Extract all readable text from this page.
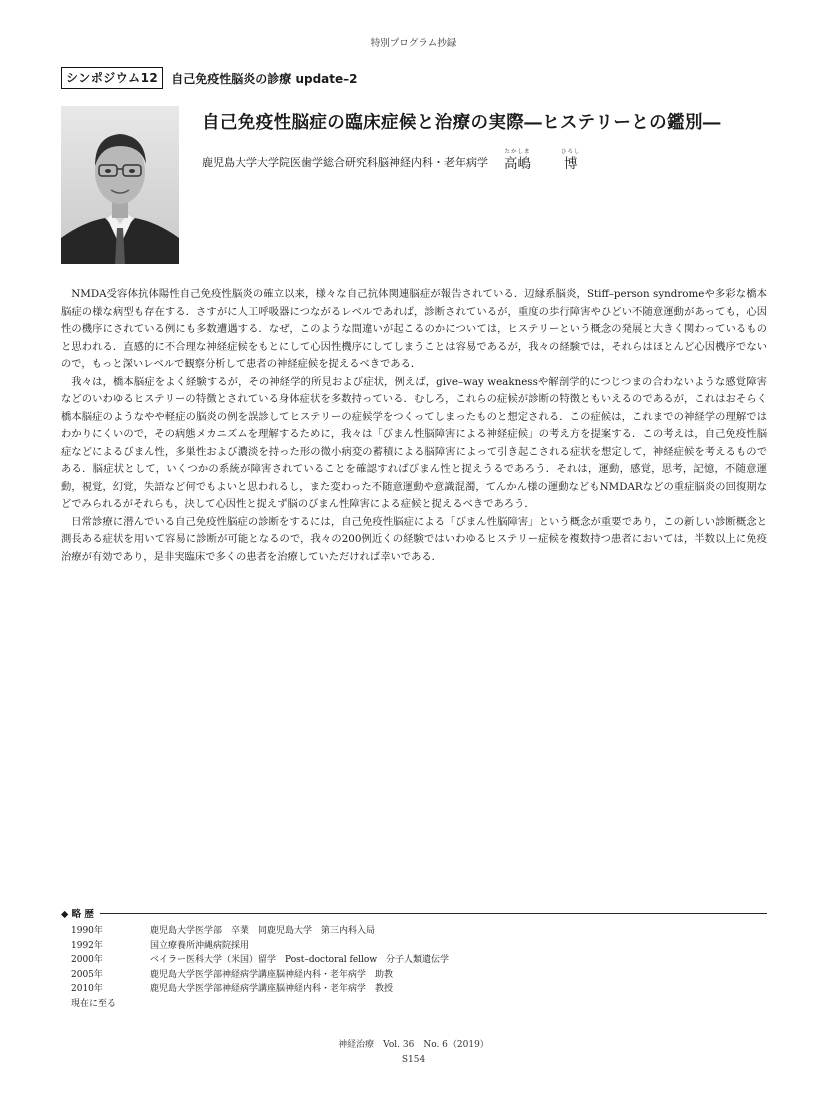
特別プログラム抄録
シンポジウム12	自己免疫性脳炎の診療 update–2
自己免疫性脳症の臨床症候と治療の実際―ヒステリーとの鑑別―
鹿児島大学大学院医歯学総合研究科脳神経内科・老年病学
たかしま
高嶋
ひろし
博

NMDA受容体抗体陽性自己免疫性脳炎の確立以来，様々な自己抗体関連脳症が報告されている．辺縁系脳炎，Stiff–person syndromeや多彩な橋本脳症の様な病型も存在する．さすがに人工呼吸器につながるレベルであれば，診断されているが，重度の歩行障害やひどい不随意運動があっても，心因性の機序にされている例にも多数遭遇する．なぜ，このような間違いが起こるのかについては，ヒステリーという概念の発展と大きく関わっているものと思われる．直感的に不合理な神経症候をもとにして心因性機序にしてしまうことは容易であるが，我々の経験では，それらはほとんど心因機序でないので，もっと深いレベルで観察分析して患者の神経症候を捉えるべきである．

我々は，橋本脳症をよく経験するが，その神経学的所見および症状，例えば，give–way weaknessや解剖学的につじつまの合わないような感覚障害などのいわゆるヒステリーの特徴とされている身体症状を多数持っている．むしろ，これらの症候が診断の特徴ともいえるのであるが，これはおそらく橋本脳症のようなやや軽症の脳炎の例を誤診してヒステリーの症候学をつくってしまったものと想定される．この症候は，これまでの神経学の理解ではわかりにくいので，その病態メカニズムを理解するために，我々は「びまん性脳障害による神経症候」の考え方を提案する．この考えは，自己免疫性脳症などによるびまん性，多巣性および濃淡を持った形の微小病変の蓄積による脳障害によって引き起こされる症状を想定して，神経症候を考えるものである．脳症状として，いくつかの系統が障害されていることを確認すればびまん性と捉えうるであろう．それは，運動，感覚，思考，記憶，不随意運動，視覚，幻覚，失語など何でもよいと思われるし，また変わった不随意運動や意識混濁，てんかん様の運動などもNMDARなどの重症脳炎の回復期などでみられるがそれらも，決して心因性と捉えず脳のびまん性障害による症候と捉えるべきであろう．

日常診療に潜んでいる自己免疫性脳症の診断をするには，自己免疫性脳症による「びまん性脳障害」という概念が重要であり，この新しい診断概念と測長ある症状を用いて容易に診断が可能となるので，我々の200例近くの経験ではいわゆるヒステリー症候を複数持つ患者においては，半数以上に免疫治療が有効であり，是非実臨床で多くの患者を治療していただければ幸いである．

◆ 略 歴
1990年	鹿児島大学医学部　卒業　同鹿児島大学　第三内科入局
1992年	国立療養所沖縄病院採用
2000年	ベイラー医科大学（米国）留学　Post–doctoral fellow　分子人類遺伝学
2005年	鹿児島大学医学部神経病学講座脳神経内科・老年病学　助教
2010年	鹿児島大学医学部神経病学講座脳神経内科・老年病学　教授
現在に至る
神経治療　Vol. 36　No. 6（2019）
S154
